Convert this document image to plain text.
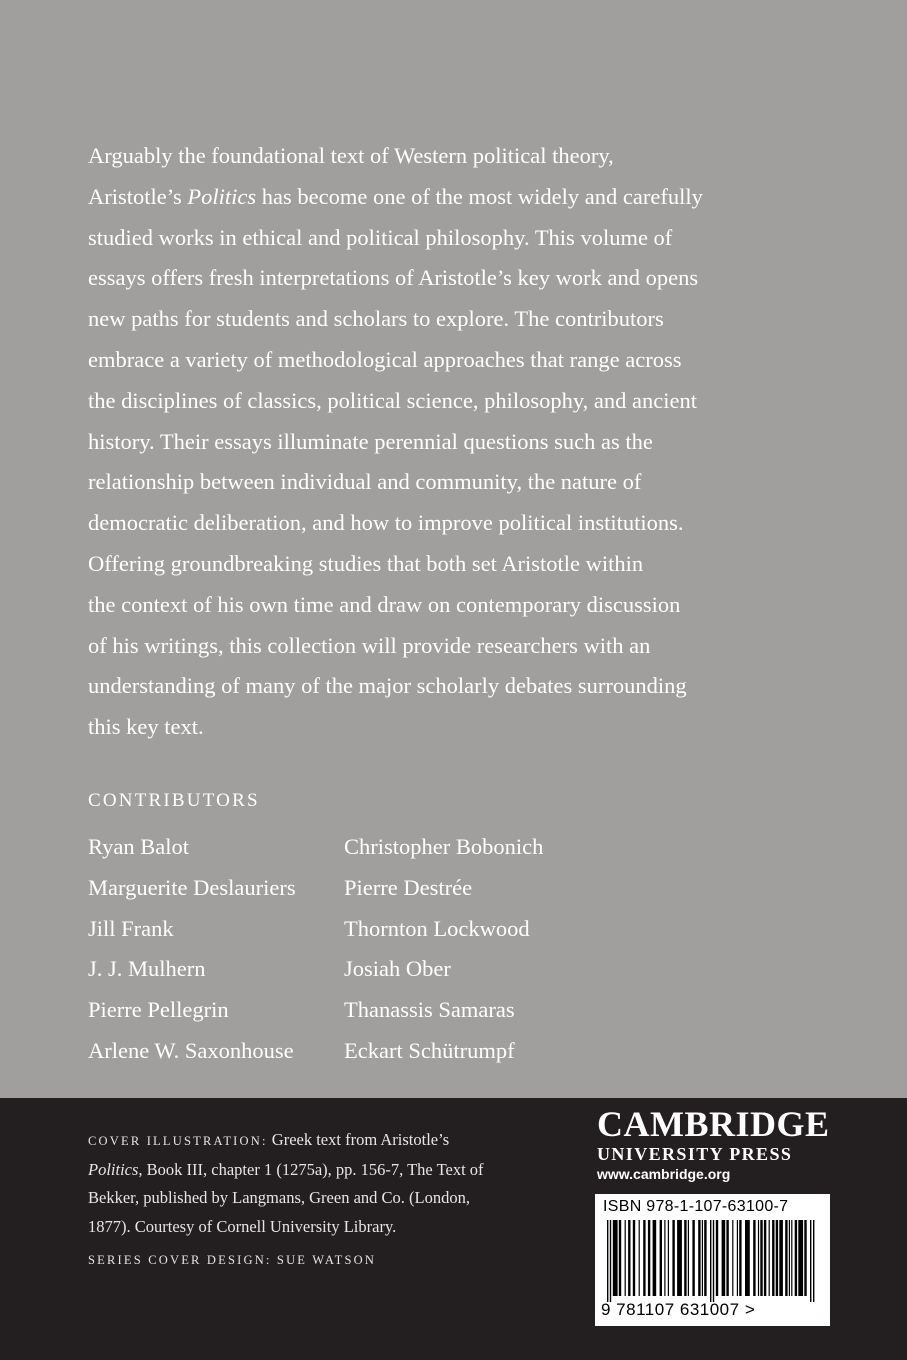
Arguably the foundational text of Western political theory,
Aristotle’s Politics has become one of the most widely and carefully
studied works in ethical and political philosophy. This volume of
essays offers fresh interpretations of Aristotle’s key work and opens
new paths for students and scholars to explore. The contributors
embrace a variety of methodological approaches that range across
the disciplines of classics, political science, philosophy, and ancient
history. Their essays illuminate perennial questions such as the
relationship between individual and community, the nature of
democratic deliberation, and how to improve political institutions.
Offering groundbreaking studies that both set Aristotle within
the context of his own time and draw on contemporary discussion
of his writings, this collection will provide researchers with an
understanding of many of the major scholarly debates surrounding
this key text.
CONTRIBUTORS
Ryan Balot
Marguerite Deslauriers
Jill Frank
J. J. Mulhern
Pierre Pellegrin
Arlene W. Saxonhouse
Christopher Bobonich
Pierre Destrée
Thornton Lockwood
Josiah Ober
Thanassis Samaras
Eckart Schütrumpf
COVER ILLUSTRATION: Greek text from Aristotle’s
Politics, Book III, chapter 1 (1275a), pp. 156-7, The Text of
Bekker, published by Langmans, Green and Co. (London,
1877). Courtesy of Cornell University Library.
SERIES COVER DESIGN: SUE WATSON
CAMBRIDGE
UNIVERSITY PRESS
www.cambridge.org
ISBN 978-1-107-63100-7
9 781107 631007 >
